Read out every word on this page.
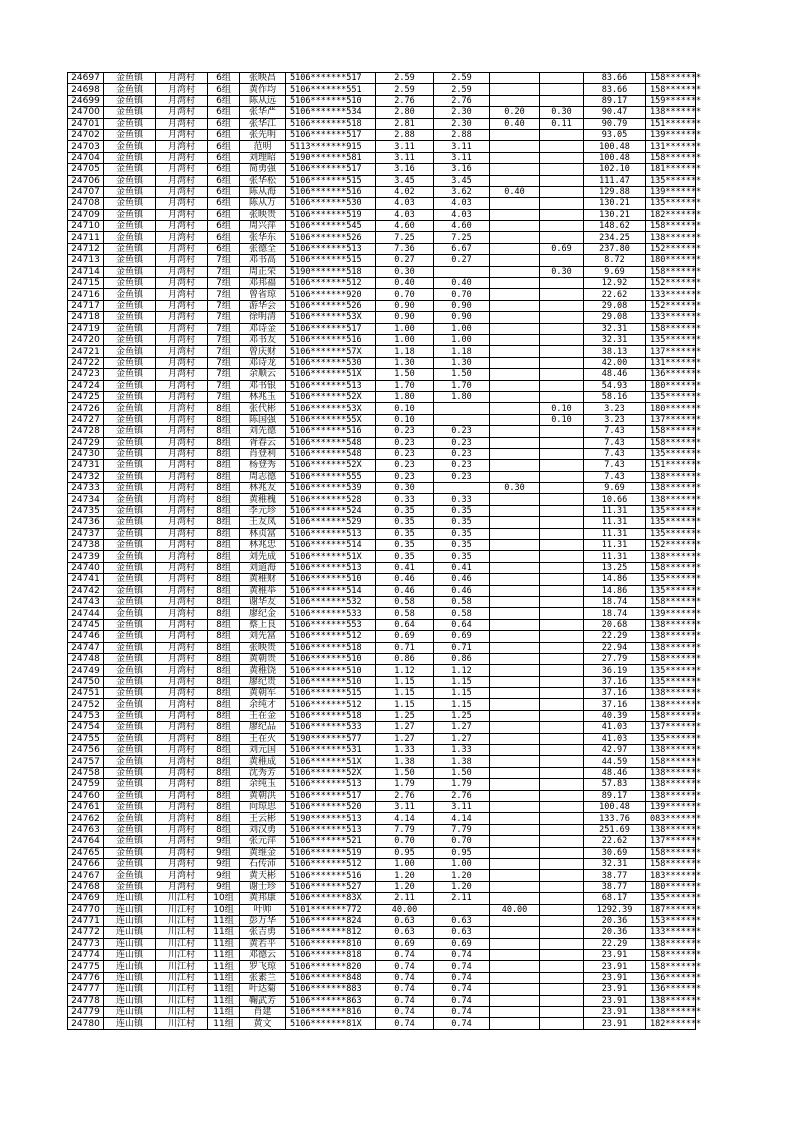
24697	金鱼镇	月湾村	6组	张映昌	5106*******517	2.59	2.59			83.66	158*******
24698	金鱼镇	月湾村	6组	黄作均	5106*******551	2.59	2.59			83.66	158*******
24699	金鱼镇	月湾村	6组	陈从远	5106*******510	2.76	2.76			89.17	159*******
24700	金鱼镇	月湾村	6组	张华严	5106*******534	2.80	2.30	0.20	0.30	90.47	138*******
24701	金鱼镇	月湾村	6组	张华江	5106*******518	2.81	2.30	0.40	0.11	90.79	151*******
24702	金鱼镇	月湾村	6组	张先明	5106*******517	2.88	2.88			93.05	139*******
24703	金鱼镇	月湾村	6组	范明	5113*******915	3.11	3.11			100.48	131*******
24704	金鱼镇	月湾村	6组	刘理昭	5190*******581	3.11	3.11			100.48	158*******
24705	金鱼镇	月湾村	6组	简勇强	5106*******517	3.16	3.16			102.10	181*******
24706	金鱼镇	月湾村	6组	张华松	5106*******515	3.45	3.45			111.47	135*******
24707	金鱼镇	月湾村	6组	陈从海	5106*******516	4.02	3.62	0.40		129.88	139*******
24708	金鱼镇	月湾村	6组	陈从万	5106*******530	4.03	4.03			130.21	135*******
24709	金鱼镇	月湾村	6组	张映贵	5106*******519	4.03	4.03			130.21	182*******
24710	金鱼镇	月湾村	6组	周兴萍	5106*******545	4.60	4.60			148.62	158*******
24711	金鱼镇	月湾村	6组	张华东	5106*******526	7.25	7.25			234.25	138*******
24712	金鱼镇	月湾村	6组	张德全	5106*******513	7.36	6.67		0.69	237.80	152*******
24713	金鱼镇	月湾村	7组	邓书高	5106*******515	0.27	0.27			8.72	180*******
24714	金鱼镇	月湾村	7组	周正荣	5190*******518	0.30			0.30	9.69	158*******
24715	金鱼镇	月湾村	7组	邓邦福	5106*******512	0.40	0.40			12.92	152*******
24716	金鱼镇	月湾村	7组	曾省琼	5106*******920	0.70	0.70			22.62	133*******
24717	金鱼镇	月湾村	7组	游华会	5106*******526	0.90	0.90			29.08	152*******
24718	金鱼镇	月湾村	7组	徐明清	5106*******53X	0.90	0.90			29.08	133*******
24719	金鱼镇	月湾村	7组	邓诗金	5106*******517	1.00	1.00			32.31	158*******
24720	金鱼镇	月湾村	7组	邓书友	5106*******516	1.00	1.00			32.31	135*******
24721	金鱼镇	月湾村	7组	曾庆财	5106*******57X	1.18	1.18			38.13	137*******
24722	金鱼镇	月湾村	7组	邓诗龙	5106*******530	1.30	1.30			42.00	131*******
24723	金鱼镇	月湾村	7组	余顺云	5106*******51X	1.50	1.50			48.46	136*******
24724	金鱼镇	月湾村	7组	邓书银	5106*******513	1.70	1.70			54.93	180*******
24725	金鱼镇	月湾村	7组	林兆玉	5106*******52X	1.80	1.80			58.16	135*******
24726	金鱼镇	月湾村	8组	张代彬	5106*******53X	0.10			0.10	3.23	180*******
24727	金鱼镇	月湾村	8组	陈国强	5106*******55X	0.10			0.10	3.23	137*******
24728	金鱼镇	月湾村	8组	刘先德	5106*******516	0.23	0.23			7.43	158*******
24729	金鱼镇	月湾村	8组	胥春云	5106*******548	0.23	0.23			7.43	158*******
24730	金鱼镇	月湾村	8组	肖登利	5106*******548	0.23	0.23			7.43	135*******
24731	金鱼镇	月湾村	8组	杨登秀	5106*******52X	0.23	0.23			7.43	151*******
24732	金鱼镇	月湾村	8组	周志德	5106*******555	0.23	0.23			7.43	138*******
24733	金鱼镇	月湾村	8组	林兆友	5106*******539	0.30		0.30		9.69	138*******
24734	金鱼镇	月湾村	8组	黄稚槐	5106*******528	0.33	0.33			10.66	138*******
24735	金鱼镇	月湾村	8组	李元珍	5106*******524	0.35	0.35			11.31	135*******
24736	金鱼镇	月湾村	8组	王友凤	5106*******529	0.35	0.35			11.31	135*******
24737	金鱼镇	月湾村	8组	林贞富	5106*******513	0.35	0.35			11.31	135*******
24738	金鱼镇	月湾村	8组	林兆忠	5106*******514	0.35	0.35			11.31	152*******
24739	金鱼镇	月湾村	8组	刘先成	5106*******51X	0.35	0.35			11.31	138*******
24740	金鱼镇	月湾村	8组	刘道海	5106*******513	0.41	0.41			13.25	158*******
24741	金鱼镇	月湾村	8组	黄稚财	5106*******510	0.46	0.46			14.86	135*******
24742	金鱼镇	月湾村	8组	黄稚举	5106*******514	0.46	0.46			14.86	135*******
24743	金鱼镇	月湾村	8组	谢华友	5106*******532	0.58	0.58			18.74	158*******
24744	金鱼镇	月湾村	8组	廖纪金	5106*******533	0.58	0.58			18.74	139*******
24745	金鱼镇	月湾村	8组	蔡上良	5106*******553	0.64	0.64			20.68	138*******
24746	金鱼镇	月湾村	8组	刘先富	5106*******512	0.69	0.69			22.29	138*******
24747	金鱼镇	月湾村	8组	张映贵	5106*******518	0.71	0.71			22.94	138*******
24748	金鱼镇	月湾村	8组	黄朝贵	5106*******510	0.86	0.86			27.79	158*******
24749	金鱼镇	月湾村	8组	黄稚饶	5106*******510	1.12	1.12			36.19	135*******
24750	金鱼镇	月湾村	8组	廖纪贵	5106*******510	1.15	1.15			37.16	135*******
24751	金鱼镇	月湾村	8组	黄朝军	5106*******515	1.15	1.15			37.16	138*******
24752	金鱼镇	月湾村	8组	余纯才	5106*******512	1.15	1.15			37.16	138*******
24753	金鱼镇	月湾村	8组	王在金	5106*******518	1.25	1.25			40.39	158*******
24754	金鱼镇	月湾村	8组	廖纪品	5106*******533	1.27	1.27			41.03	137*******
24755	金鱼镇	月湾村	8组	王在火	5190*******577	1.27	1.27			41.03	135*******
24756	金鱼镇	月湾村	8组	刘元国	5106*******531	1.33	1.33			42.97	138*******
24757	金鱼镇	月湾村	8组	黄稚成	5106*******51X	1.38	1.38			44.59	158*******
24758	金鱼镇	月湾村	8组	沈秀芳	5106*******52X	1.50	1.50			48.46	138*******
24759	金鱼镇	月湾村	8组	余纯玉	5106*******513	1.79	1.79			57.83	138*******
24760	金鱼镇	月湾村	8组	黄朝洪	5106*******517	2.76	2.76			89.17	138*******
24761	金鱼镇	月湾村	8组	向琼思	5106*******520	3.11	3.11			100.48	139*******
24762	金鱼镇	月湾村	8组	王云彬	5190*******513	4.14	4.14			133.76	083*******
24763	金鱼镇	月湾村	8组	刘汉勇	5106*******513	7.79	7.79			251.69	138*******
24764	金鱼镇	月湾村	9组	张元萍	5106*******521	0.70	0.70			22.62	137*******
24765	金鱼镇	月湾村	9组	黄维金	5106*******519	0.95	0.95			30.69	158*******
24766	金鱼镇	月湾村	9组	石传沛	5106*******512	1.00	1.00			32.31	158*******
24767	金鱼镇	月湾村	9组	黄天彬	5106*******516	1.20	1.20			38.77	183*******
24768	金鱼镇	月湾村	9组	谢士珍	5106*******527	1.20	1.20			38.77	180*******
24769	连山镇	川江村	10组	黄邦康	5106*******83X	2.11	2.11			68.17	135*******
24770	连山镇	川江村	10组	叶帅	5101*******772	40.00		40.00		1292.39	187*******
24771	连山镇	川江村	11组	彭万华	5106*******824	0.63	0.63			20.36	153*******
24772	连山镇	川江村	11组	张吉勇	5106*******812	0.63	0.63			20.36	133*******
24773	连山镇	川江村	11组	黄若平	5106*******810	0.69	0.69			22.29	138*******
24774	连山镇	川江村	11组	邓德云	5106*******818	0.74	0.74			23.91	158*******
24775	连山镇	川江村	11组	罗飞琼	5106*******820	0.74	0.74			23.91	158*******
24776	连山镇	川江村	11组	张素兰	5106*******848	0.74	0.74			23.91	136*******
24777	连山镇	川江村	11组	叶达菊	5106*******883	0.74	0.74			23.91	136*******
24778	连山镇	川江村	11组	鞠武芳	5106*******863	0.74	0.74			23.91	138*******
24779	连山镇	川江村	11组	肖建	5106*******816	0.74	0.74			23.91	138*******
24780	连山镇	川江村	11组	黄文	5106*******81X	0.74	0.74			23.91	182*******
